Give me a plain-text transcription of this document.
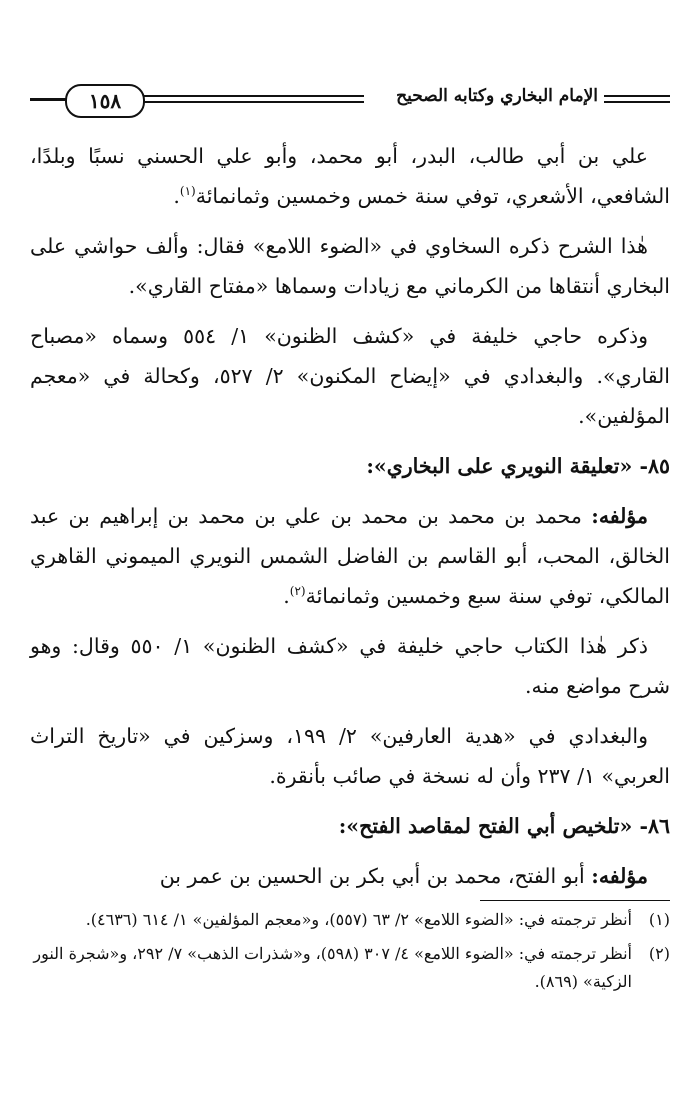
الإمام البخاري وكتابه الصحيح
١٥٨

علي بن أبي طالب، البدر، أبو محمد، وأبو علي الحسني نسبًا وبلدًا، الشافعي، الأشعري، توفي سنة خمس وخمسين وثمانمائة$^{(١)}$.

هٰذا الشرح ذكره السخاوي في «الضوء اللامع» فقال: وألف حواشي على البخاري أنتقاها من الكرماني مع زيادات وسماها «مفتاح القاري».

وذكره حاجي خليفة في «كشف الظنون» ١/ ٥٥٤ وسماه «مصباح القاري». والبغدادي في «إيضاح المكنون» ٢/ ٥٢٧، وكحالة في «معجم المؤلفين».

٨٥- «تعليقة النويري على البخاري»:

مؤلفه: محمد بن محمد بن محمد بن علي بن محمد بن إبراهيم بن عبد الخالق، المحب، أبو القاسم بن الفاضل الشمس النويري الميموني القاهري المالكي، توفي سنة سبع وخمسين وثمانمائة$^{(٢)}$.

ذكر هٰذا الكتاب حاجي خليفة في «كشف الظنون» ١/ ٥٥٠ وقال: وهو شرح مواضع منه.

والبغدادي في «هدية العارفين» ٢/ ١٩٩، وسزكين في «تاريخ التراث العربي» ١/ ٢٣٧ وأن له نسخة في صائب بأنقرة.

٨٦- «تلخيص أبي الفتح لمقاصد الفتح»:

مؤلفه: أبو الفتح، محمد بن أبي بكر بن الحسين بن عمر بن

(١)
أنظر ترجمته في: «الضوء اللامع» ٢/ ٦٣ (٥٥٧)، و«معجم المؤلفين» ١/ ٦١٤ (٤٦٣٦).
(٢)
أنظر ترجمته في: «الضوء اللامع» ٤/ ٣٠٧ (٥٩٨)، و«شذرات الذهب» ٧/ ٢٩٢، و«شجرة النور الزكية» (٨٦٩).
